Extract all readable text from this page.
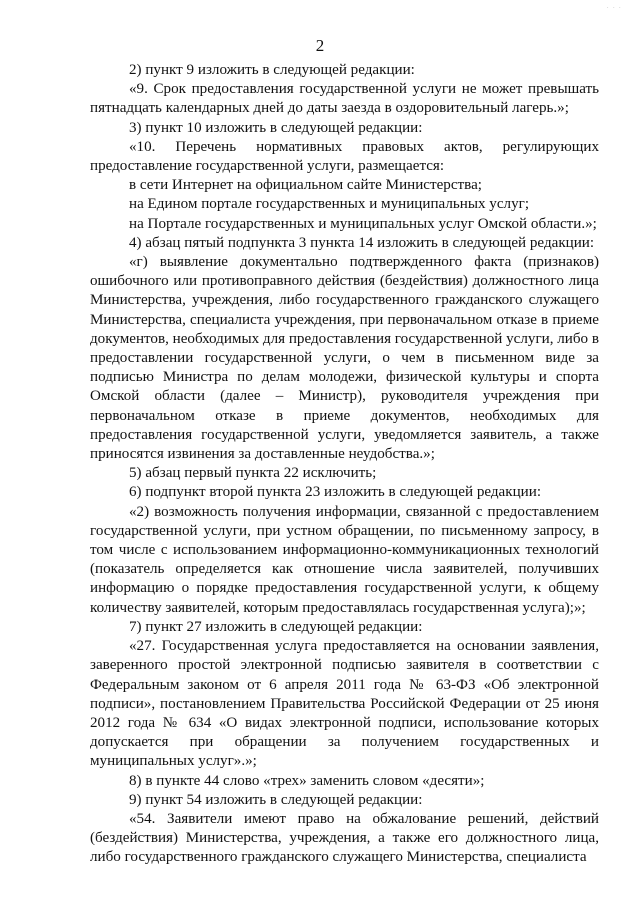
· · ·
2

2) пункт 9 изложить в следующей редакции:

«9. Срок предоставления государственной услуги не может превышать пятнадцать календарных дней до даты заезда в оздоровительный лагерь.»;

3) пункт 10 изложить в следующей редакции:

«10. Перечень нормативных правовых актов, регулирующих предоставление государственной услуги, размещается:

в сети Интернет на официальном сайте Министерства;

на Едином портале государственных и муниципальных услуг;

на Портале государственных и муниципальных услуг Омской области.»;

4) абзац пятый подпункта 3 пункта 14 изложить в следующей редакции:

«г) выявление документально подтвержденного факта (признаков) ошибочного или противоправного действия (бездействия) должностного лица Министерства, учреждения, либо государственного гражданского служащего Министерства, специалиста учреждения, при первоначальном отказе в приеме документов, необходимых для предоставления государственной услуги, либо в предоставлении государственной услуги, о чем в письменном виде за подписью Министра по делам молодежи, физической культуры и спорта Омской области (далее – Министр), руководителя учреждения при первоначальном отказе в приеме документов, необходимых для предоставления государственной услуги, уведомляется заявитель, а также приносятся извинения за доставленные неудобства.»;

5) абзац первый пункта 22 исключить;

6) подпункт второй пункта 23 изложить в следующей редакции:

«2) возможность получения информации, связанной с предоставлением государственной услуги, при устном обращении, по письменному запросу, в том числе с использованием информационно-коммуникационных технологий (показатель определяется как отношение числа заявителей, получивших информацию о порядке предоставления государственной услуги, к общему количеству заявителей, которым предоставлялась государственная услуга);»;

7) пункт 27 изложить в следующей редакции:

«27. Государственная услуга предоставляется на основании заявления, заверенного простой электронной подписью заявителя в соответствии с Федеральным законом от 6 апреля 2011 года № 63-ФЗ «Об электронной подписи», постановлением Правительства Российской Федерации от 25 июня 2012 года № 634 «О видах электронной подписи, использование которых допускается при обращении за получением государственных и муниципальных услуг».»;

8) в пункте 44 слово «трех» заменить словом «десяти»;

9) пункт 54 изложить в следующей редакции:

«54. Заявители имеют право на обжалование решений, действий (бездействия) Министерства, учреждения, а также его должностного лица, либо государственного гражданского служащего Министерства, специалиста
